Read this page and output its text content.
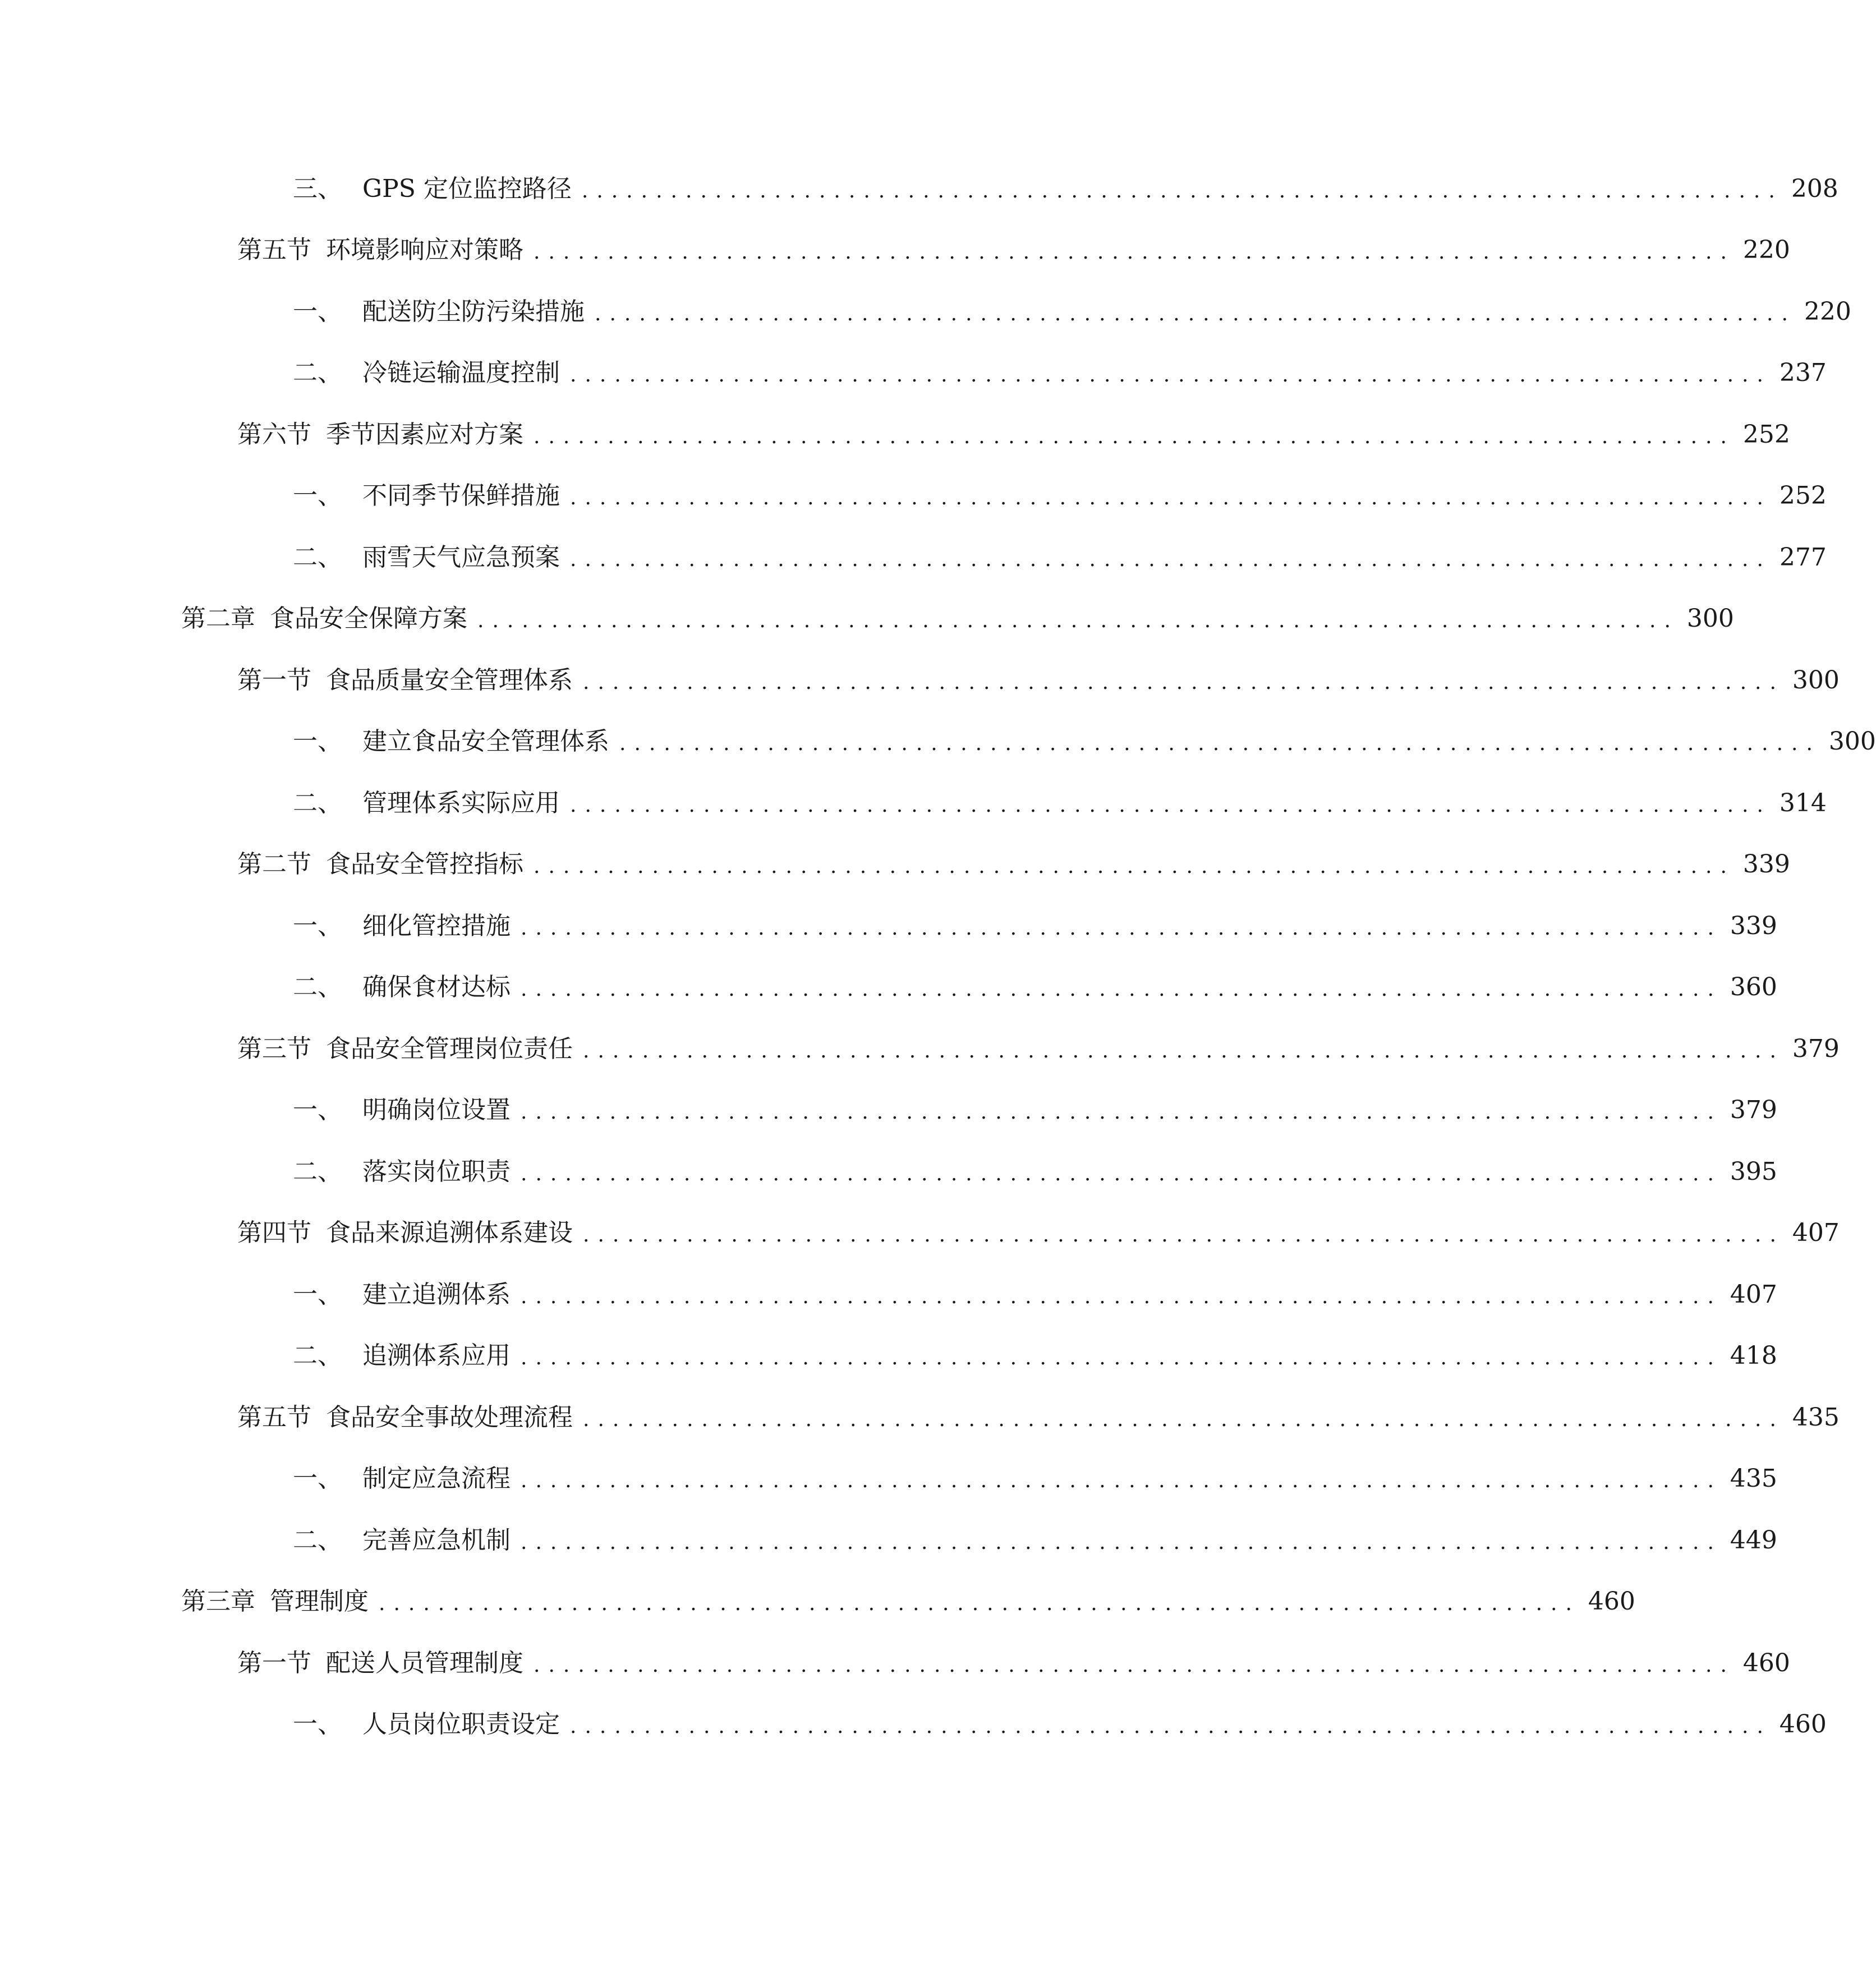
三、 GPS 定位监控路径 ................................................................................. 208
第五节 环境影响应对策略 ................................................................................. 220
一、 配送防尘防污染措施 ................................................................................. 220
二、 冷链运输温度控制 ................................................................................. 237
第六节 季节因素应对方案 ................................................................................. 252
一、 不同季节保鲜措施 ................................................................................. 252
二、 雨雪天气应急预案 ................................................................................. 277
第二章 食品安全保障方案 ................................................................................. 300
第一节 食品质量安全管理体系 ................................................................................. 300
一、 建立食品安全管理体系 ................................................................................. 300
二、 管理体系实际应用 ................................................................................. 314
第二节 食品安全管控指标 ................................................................................. 339
一、 细化管控措施 ................................................................................. 339
二、 确保食材达标 ................................................................................. 360
第三节 食品安全管理岗位责任 ................................................................................. 379
一、 明确岗位设置 ................................................................................. 379
二、 落实岗位职责 ................................................................................. 395
第四节 食品来源追溯体系建设 ................................................................................. 407
一、 建立追溯体系 ................................................................................. 407
二、 追溯体系应用 ................................................................................. 418
第五节 食品安全事故处理流程 ................................................................................. 435
一、 制定应急流程 ................................................................................. 435
二、 完善应急机制 ................................................................................. 449
第三章 管理制度 ................................................................................. 460
第一节 配送人员管理制度 ................................................................................. 460
一、 人员岗位职责设定 ................................................................................. 460
